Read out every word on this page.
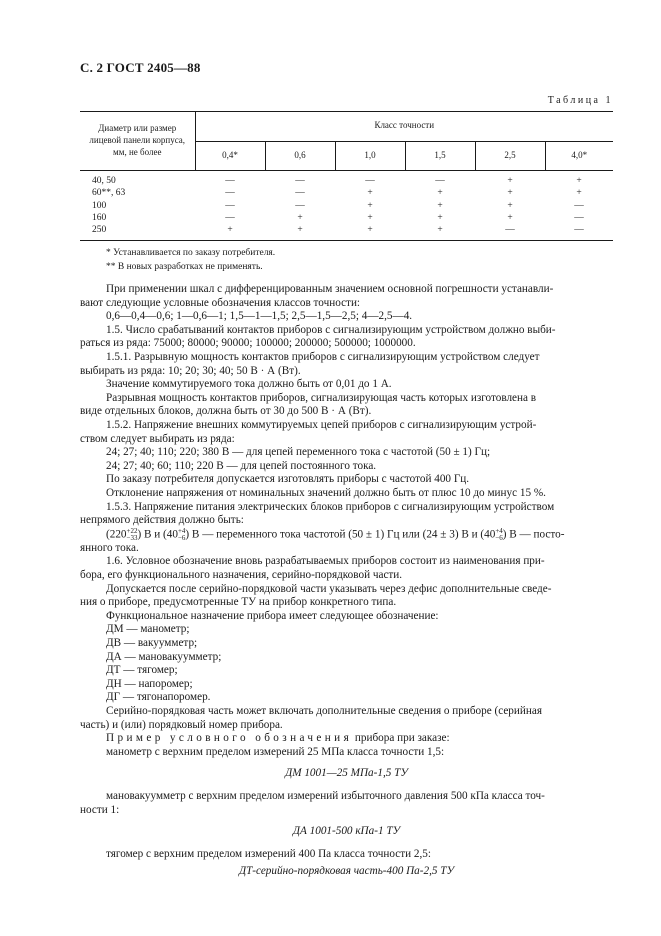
С. 2 ГОСТ 2405—88
Таблица 1
Диаметр или размер лицевой панели корпуса, мм, не более	Класс точности					
	0,4*	0,6	1,0	1,5	2,5	4,0*
40, 50	—	—	—	—	+	+
60**, 63	—	—	+	+	+	+
100	—	—	+	+	+	—
160	—	+	+	+	+	—
250	+	+	+	+	—	—
* Устанавливается по заказу потребителя.
** В новых разработках не применять.

При применении шкал с дифференцированным значением основной погрешности устанавли-

вают следующие условные обозначения классов точности:

0,6—0,4—0,6; 1—0,6—1; 1,5—1—1,5; 2,5—1,5—2,5; 4—2,5—4.

1.5. Число срабатываний контактов приборов с сигнализирующим устройством должно выби-

раться из ряда: 75000; 80000; 90000; 100000; 200000; 500000; 1000000.

1.5.1. Разрывную мощность контактов приборов с сигнализирующим устройством следует

выбирать из ряда: 10; 20; 30; 40; 50 В · А (Вт).

Значение коммутируемого тока должно быть от 0,01 до 1 А.

Разрывная мощность контактов приборов, сигнализирующая часть которых изготовлена в

виде отдельных блоков, должна быть от 30 до 500 В · А (Вт).

1.5.2. Напряжение внешних коммутируемых цепей приборов с сигнализирующим устрой-

ством следует выбирать из ряда:

24; 27; 40; 110; 220; 380 В — для цепей переменного тока с частотой (50 ± 1) Гц;

24; 27; 40; 60; 110; 220 В — для цепей постоянного тока.

По заказу потребителя допускается изготовлять приборы с частотой 400 Гц.

Отклонение напряжения от номинальных значений должно быть от плюс 10 до минус 15 %.

1.5.3. Напряжение питания электрических блоков приборов с сигнализирующим устройством

непрямого действия должно быть:

(220 +22
−33 ) В и (40 +4
−6 ) В — переменного тока частотой (50 ± 1) Гц или (24 ± 3) В и (40 +4
−6 ) В — посто-

янного тока.

1.6. Условное обозначение вновь разрабатываемых приборов состоит из наименования при-

бора, его функционального назначения, серийно-порядковой части.

Допускается после серийно-порядковой части указывать через дефис дополнительные сведе-

ния о приборе, предусмотренные ТУ на прибор конкретного типа.

Функциональное назначение прибора имеет следующее обозначение:

ДМ — манометр;

ДВ — вакуумметр;

ДА — мановакуумметр;

ДТ — тягомер;

ДН — напоромер;

ДГ — тягонапоромер.

Серийно-порядковая часть может включать дополнительные сведения о приборе (серийная

часть) и (или) порядковый номер прибора.

Пример условного обозначения прибора при заказе:

манометр с верхним пределом измерений 25 МПа класса точности 1,5:

ДМ 1001—25 МПа-1,5 ТУ

мановакуумметр с верхним пределом измерений избыточного давления 500 кПа класса точ-

ности 1:

ДА 1001-500 кПа-1 ТУ

тягомер с верхним пределом измерений 400 Па класса точности 2,5:

ДТ-серийно-порядковая часть-400 Па-2,5 ТУ
